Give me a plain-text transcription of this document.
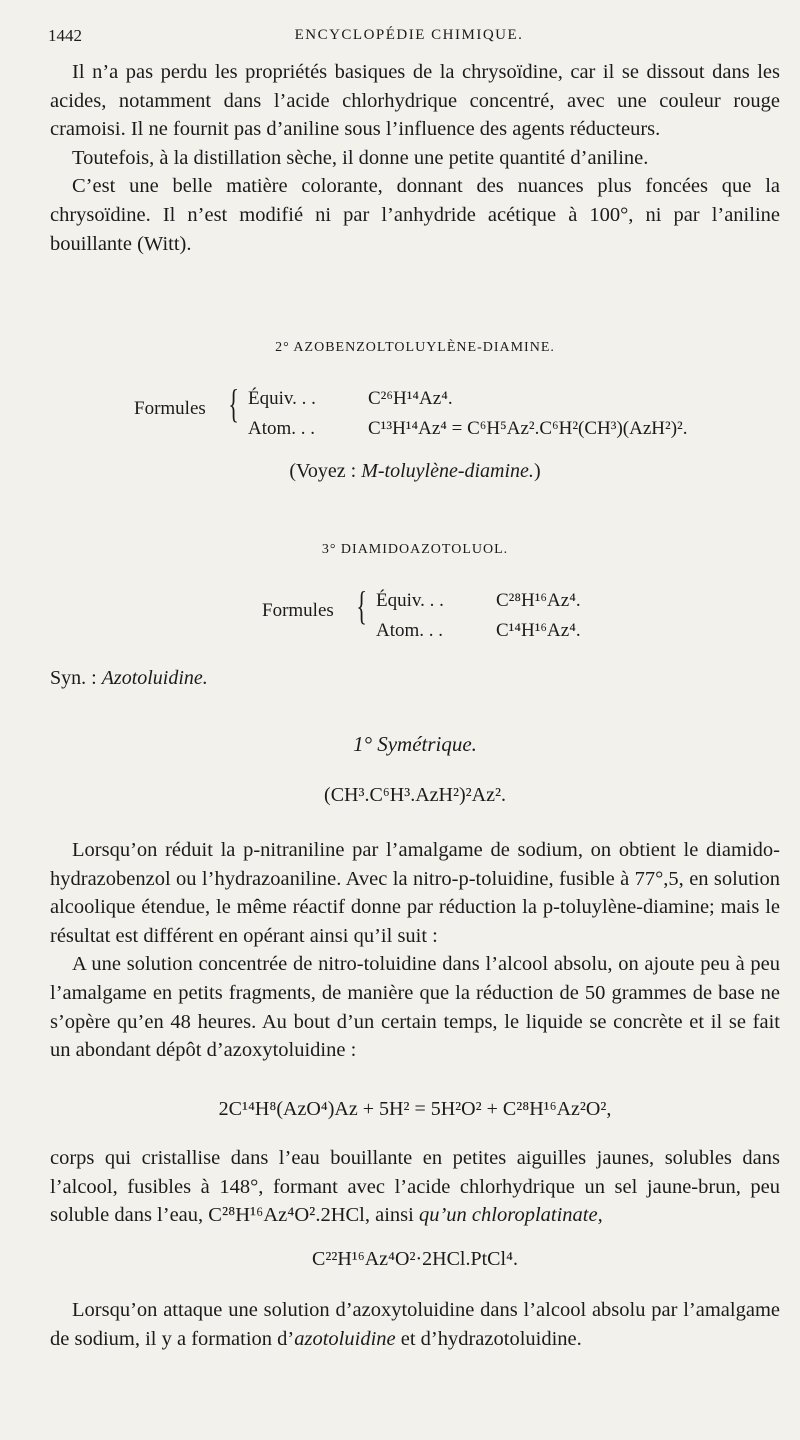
1442	ENCYCLOPÉDIE CHIMIQUE.
Il n’a pas perdu les propriétés basiques de la chrysoïdine, car il se dissout dans les acides, notamment dans l’acide chlorhydrique concentré, avec une couleur rouge cramoisi. Il ne fournit pas d’aniline sous l’influence des agents réducteurs.
Toutefois, à la distillation sèche, il donne une petite quantité d’aniline.
C’est une belle matière colorante, donnant des nuances plus foncées que la chrysoïdine. Il n’est modifié ni par l’anhydride acétique à 100°, ni par l’aniline bouillante (Witt).
2° AZOBENZOLTOLUYLÈNE-DIAMINE.
Formules { Équiv. . .	C²⁶H¹⁴Az⁴.
Atom. . .	C¹³H¹⁴Az⁴ = C⁶H⁵Az².C⁶H²(CH³)(AzH²)².
(Voyez : M-toluylène-diamine.)
3° DIAMIDOAZOTOLUOL.
Formules { Équiv. . .	C²⁸H¹⁶Az⁴.
Atom. . .	C¹⁴H¹⁶Az⁴.
Syn. : Azotoluidine.
1° Symétrique.
(CH³.C⁶H³.AzH²)²Az².
Lorsqu’on réduit la p-nitraniline par l’amalgame de sodium, on obtient le diamido-hydrazobenzol ou l’hydrazoaniline. Avec la nitro-p-toluidine, fusible à 77°,5, en solution alcoolique étendue, le même réactif donne par réduction la p-toluylène-diamine; mais le résultat est différent en opérant ainsi qu’il suit :
A une solution concentrée de nitro-toluidine dans l’alcool absolu, on ajoute peu à peu l’amalgame en petits fragments, de manière que la réduction de 50 grammes de base ne s’opère qu’en 48 heures. Au bout d’un certain temps, le liquide se concrète et il se fait un abondant dépôt d’azoxytoluidine :
2C¹⁴H⁸(AzO⁴)Az + 5H² = 5H²O² + C²⁸H¹⁶Az²O²,
corps qui cristallise dans l’eau bouillante en petites aiguilles jaunes, solubles dans l’alcool, fusibles à 148°, formant avec l’acide chlorhydrique un sel jaune-brun, peu soluble dans l’eau, C²⁸H¹⁶Az⁴O².2HCl, ainsi qu’un chloroplatinate,
C²²H¹⁶Az⁴O²·2HCl.PtCl⁴.
Lorsqu’on attaque une solution d’azoxytoluidine dans l’alcool absolu par l’amalgame de sodium, il y a formation d’azotoluidine et d’hydrazotoluidine.
